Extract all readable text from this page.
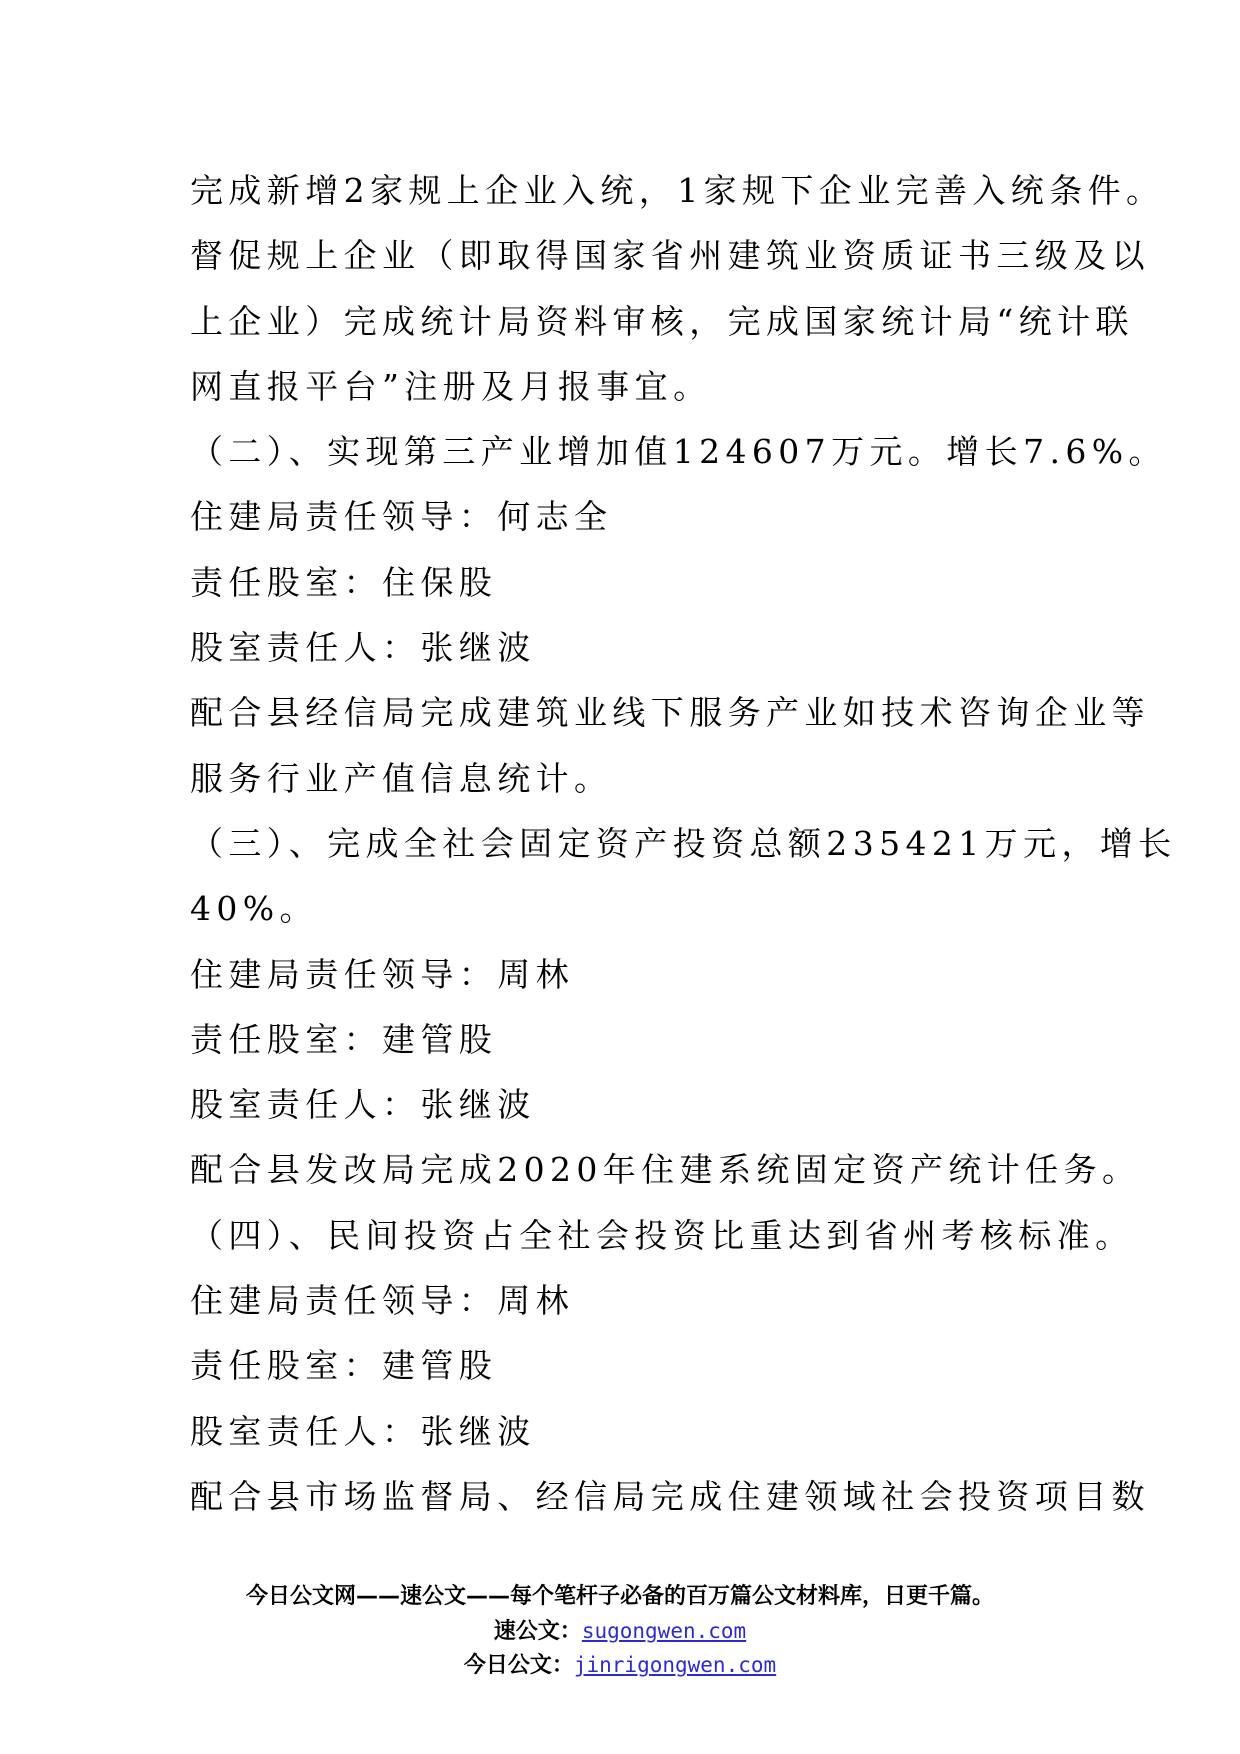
完成新增2家规上企业入统，1家规下企业完善入统条件。
督促规上企业（即取得国家省州建筑业资质证书三级及以
上企业）完成统计局资料审核，完成国家统计局“统计联
网直报平台”注册及月报事宜。
（二）、实现第三产业增加值124607万元。增长7.6%。
住建局责任领导：何志全
责任股室：住保股
股室责任人：张继波
配合县经信局完成建筑业线下服务产业如技术咨询企业等
服务行业产值信息统计。
（三）、完成全社会固定资产投资总额235421万元，增长
40%。
住建局责任领导：周林
责任股室：建管股
股室责任人：张继波
配合县发改局完成2020年住建系统固定资产统计任务。
（四）、民间投资占全社会投资比重达到省州考核标准。
住建局责任领导：周林
责任股室：建管股
股室责任人：张继波
配合县市场监督局、经信局完成住建领域社会投资项目数
今日公文网——速公文——每个笔杆子必备的百万篇公文材料库，日更千篇。
速公文：sugongwen.com
今日公文：jinrigongwen.com
